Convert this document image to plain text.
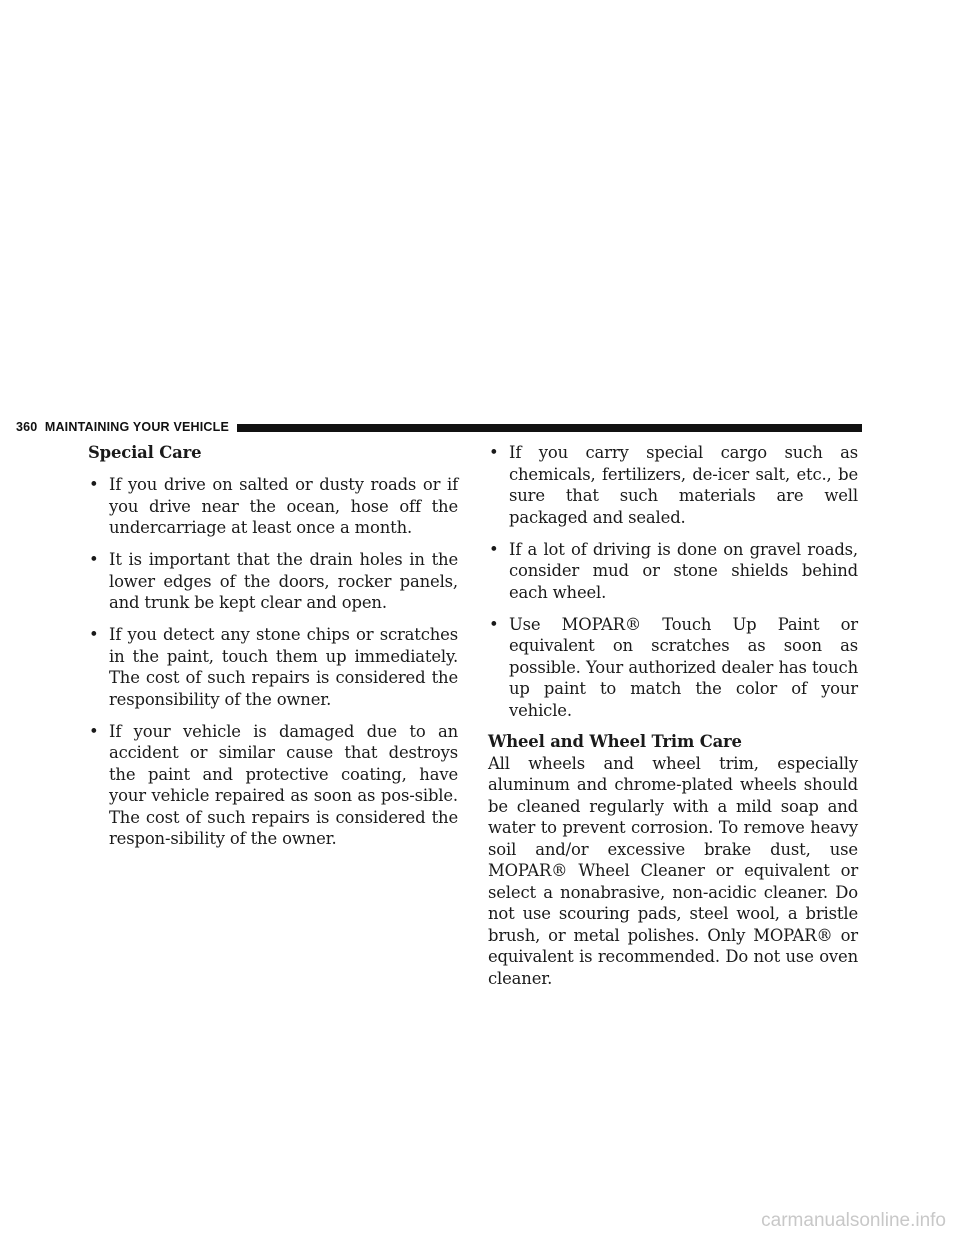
360 MAINTAINING YOUR VEHICLE
Special Care
• If you drive on salted or dusty roads or if you drive near the ocean, hose off the undercarriage at least once a month.
• It is important that the drain holes in the lower edges of the doors, rocker panels, and trunk be kept clear and open.
• If you detect any stone chips or scratches in the paint, touch them up immediately. The cost of such repairs is considered the responsibility of the owner.
• If your vehicle is damaged due to an accident or similar cause that destroys the paint and protective coating, have your vehicle repaired as soon as pos-sible. The cost of such repairs is considered the respon-sibility of the owner.
• If you carry special cargo such as chemicals, fertilizers, de-icer salt, etc., be sure that such materials are well packaged and sealed.
• If a lot of driving is done on gravel roads, consider mud or stone shields behind each wheel.
• Use MOPAR® Touch Up Paint or equivalent on scratches as soon as possible. Your authorized dealer has touch up paint to match the color of your vehicle.
Wheel and Wheel Trim Care

All wheels and wheel trim, especially aluminum and chrome-plated wheels should be cleaned regularly with a mild soap and water to prevent corrosion. To remove heavy soil and/or excessive brake dust, use MOPAR® Wheel Cleaner or equivalent or select a nonabrasive, non-acidic cleaner. Do not use scouring pads, steel wool, a bristle brush, or metal polishes. Only MOPAR® or equivalent is recommended. Do not use oven cleaner.

carmanualsonline.info
